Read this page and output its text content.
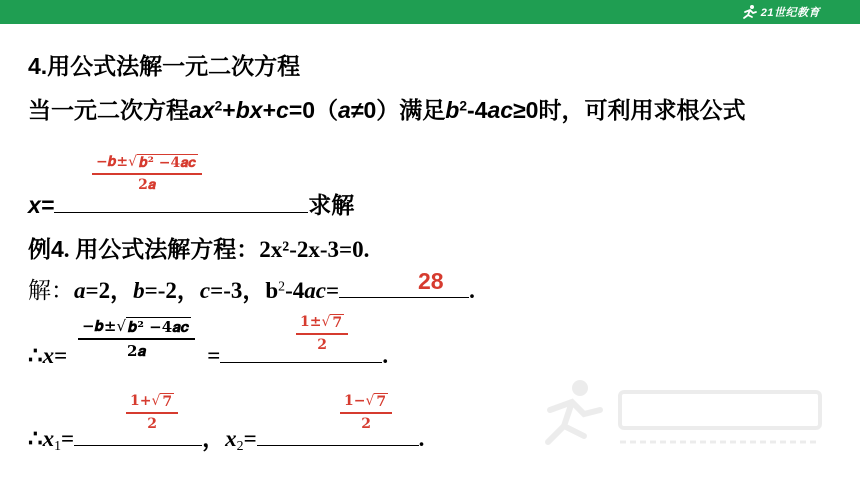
21世纪教育
4.用公式法解一元二次方程
当一元二次方程$ax^2+bx+c=0(a\ne 0)$满足$b^2-4ac\ge 0$时，可利用求根公式
$\frac{\text{−𝒃± √ 𝒃² −𝟒𝒂𝒄}}{\text{𝟐𝒂}}$
x=	求解
例4. 用公式法解方程：2x²-2x-3=0.
解：a=2，b=-2，c=-3，$b^2-4ac=$	.
28
∴x=	=	.
$\frac{\text{−𝒃± √ 𝒃² −𝟒𝒂𝒄}}{\text{𝟐𝒂}}$	$\frac{1\pm √ 7}{2}$
$\therefore x_1=$	，$x_2=$	.
$\frac{1+ √ 7}{2}$	$\frac{1- √ 7}{2}$
